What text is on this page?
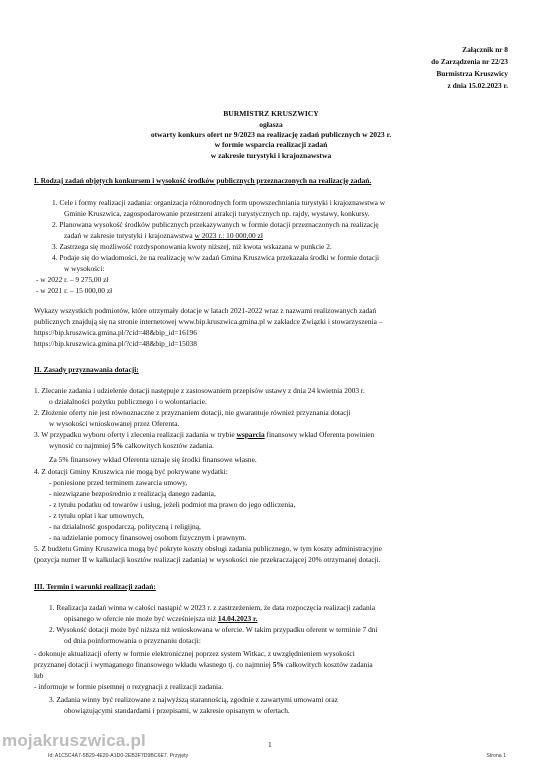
Załącznik nr 8
do Zarządzenia nr 22/23
Burmistrza Kruszwicy
z dnia 15.02.2023 r.
BURMISTRZ KRUSZWICY
ogłasza
otwarty konkurs ofert nr 9/2023 na realizację zadań publicznych w 2023 r.
w formie wsparcia realizacji zadań
w zakresie turystyki i krajoznawstwa
I. Rodzaj zadań objętych konkursem i wysokość środków publicznych przeznaczonych na realizację zadań.
1. Cele i formy realizacji zadania: organizacja różnorodnych form upowszechniania turystyki i krajoznawstwa w
Gminie Kruszwica, zagospodarowanie przestrzeni atrakcji turystycznych np. rajdy, wystawy, konkursy.
2. Planowana wysokość środków publicznych przekazywanych w formie dotacji przeznaczonych na realizację
zadań w zakresie turystyki i krajoznawstwa w 2023 r.: 10 000,00 zł
3. Zastrzega się możliwość rozdysponowania kwoty niższej, niż kwota wskazana w punkcie 2.
4. Podaje się do wiadomości, że na realizację w/w zadań Gmina Kruszwica przekazała środki w formie dotacji
w wysokości:
- w 2022 r. – 9 275,00 zł
- w 2021 r. – 15 000,00 zł
Wykazy wszystkich podmiotów, które otrzymały dotacje w latach 2021-2022 wraz z nazwami realizowanych zadań
publicznych znajdują się na stronie internetowej www.bip.kruszwica.gmina.pl w zakładce Związki i stowarzyszenia –
https://bip.kruszwica.gmina.pl/?cid=48&bip_id=16196
https://bip.kruszwica.gmina.pl/?cid=48&bip_id=15038
II. Zasady przyznawania dotacji:
1. Zlecanie zadania i udzielenie dotacji następuje z zastosowaniem przepisów ustawy z dnia 24 kwietnia 2003 r.
o działalności pożytku publicznego i o wolontariacie.
2. Złożenie oferty nie jest równoznaczne z przyznaniem dotacji, nie gwarantuje również przyznania dotacji
w wysokości wnioskowanej przez Oferenta.
3. W przypadku wyboru oferty i zlecenia realizacji zadania w trybie wsparcia finansowy wkład Oferenta powinien
wynosić co najmniej 5% całkowitych kosztów zadania.
Za 5% finansowy wkład Oferenta uznaje się środki finansowe własne.
4. Z dotacji Gminy Kruszwica nie mogą być pokrywane wydatki:
- poniesione przed terminem zawarcia umowy,
- niezwiązane bezpośrednio z realizacją danego zadania,
- z tytułu podatku od towarów i usług, jeżeli podmiot ma prawo do jego odliczenia,
- z tytułu opłat i kar umownych,
- na działalność gospodarczą, polityczną i religijną,
- na udzielanie pomocy finansowej osobom fizycznym i prawnym.
5. Z budżetu Gminy Kruszwica mogą być pokryte koszty obsługi zadania publicznego, w tym koszty administracyjne
(pozycja numer II w kalkulacji kosztów realizacji zadania) w wysokości nie przekraczającej 20% otrzymanej dotacji.
III. Termin i warunki realizacji zadań:
1. Realizacja zadań winna w całości nastąpić w 2023 r. z zastrzeżeniem, że data rozpoczęcia realizacji zadania
opisanego w ofercie nie może być wcześniejsza niż 14.04.2023 r.
2. Wysokość dotacji może być niższa niż wnioskowana w ofercie. W takim przypadku oferent w terminie 7 dni
od dnia poinformowania o przyznaniu dotacji:
- dokonuje aktualizacji oferty w formie elektronicznej poprzez system Witkac, z uwzględnieniem wysokości
przyznanej dotacji i wymaganego finansowego wkładu własnego tj. co najmniej 5% całkowitych kosztów zadania
lub
- informuje w formie pisemnej o rezygnacji z realizacji zadania.
3. Zadania winny być realizowane z najwyższą starannością, zgodnie z zawartymi umowami oraz
obowiązującymi standardami i przepisami, w zakresie opisanym w ofertach.
1
Id: A1C5C4A7-5B29-4E20-A1D0-2EB3F7D9BC6E7. Przyjęty	Strona 1
mojakruszwica.pl
